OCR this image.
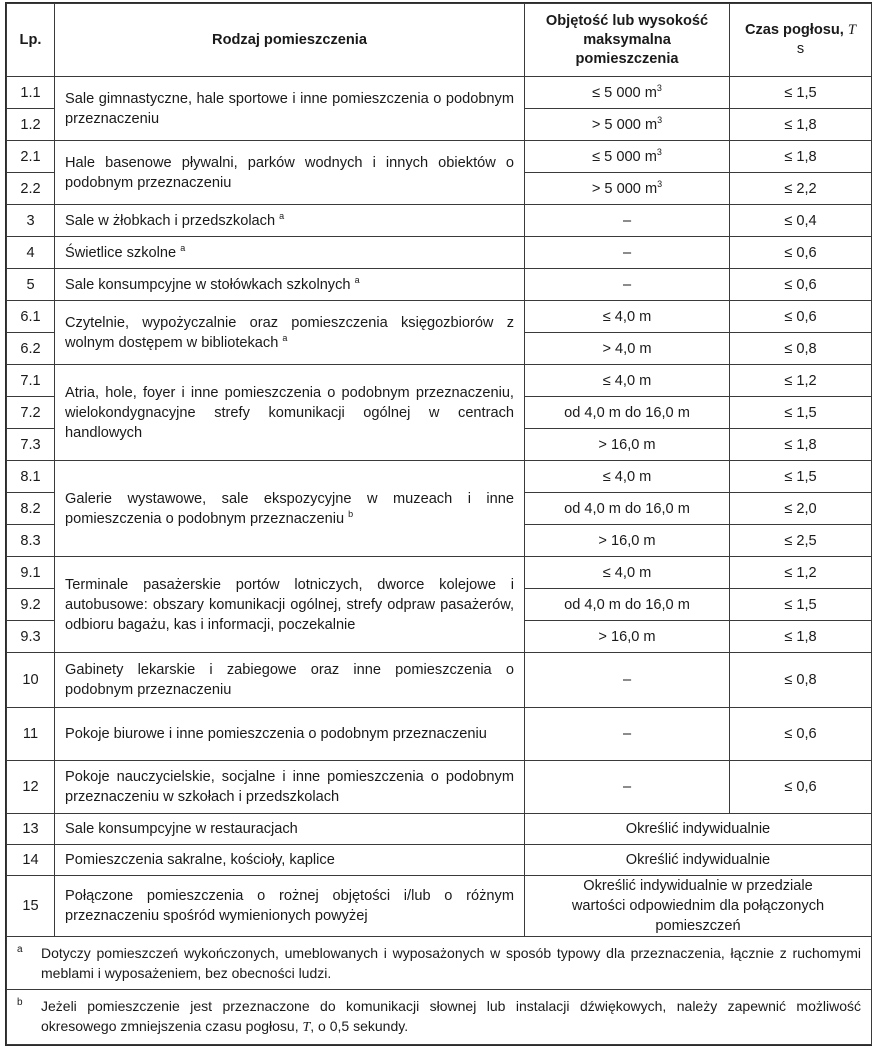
Lp.	Rodzaj pomieszczenia	Objętość lub wysokość maksymalna pomieszczenia	Czas pogłosu, T
s
1.1	Sale gimnastyczne, hale sportowe i inne pomieszczenia o podobnym przeznaczeniu	≤ 5 000 $m^3$	≤ 1,5
1.2		> 5 000 $m^3$	≤ 1,8
2.1	Hale basenowe pływalni, parków wodnych i innych obiektów o podobnym przeznaczeniu	≤ 5 000 $m^3$	≤ 1,8
2.2		> 5 000 $m^3$	≤ 2,2
3	Sale w żłobkach i przedszkolach $^a$	–	≤ 0,4
4	Świetlice szkolne $^a$	–	≤ 0,6
5	Sale konsumpcyjne w stołówkach szkolnych $^a$	–	≤ 0,6
6.1	Czytelnie, wypożyczalnie oraz pomieszczenia księgozbiorów z wolnym dostępem w bibliotekach $^a$	≤ 4,0 m	≤ 0,6
6.2		> 4,0 m	≤ 0,8
7.1	Atria, hole, foyer i inne pomieszczenia o podobnym przeznaczeniu, wielokondygnacyjne strefy komunikacji ogólnej w centrach handlowych	≤ 4,0 m	≤ 1,2
7.2		od 4,0 m do 16,0 m	≤ 1,5
7.3		> 16,0 m	≤ 1,8
8.1	Galerie wystawowe, sale ekspozycyjne w muzeach i inne pomieszczenia o podobnym przeznaczeniu $^b$	≤ 4,0 m	≤ 1,5
8.2		od 4,0 m do 16,0 m	≤ 2,0
8.3		> 16,0 m	≤ 2,5
9.1	Terminale pasażerskie portów lotniczych, dworce kolejowe i autobusowe: obszary komunikacji ogólnej, strefy odpraw pasażerów, odbioru bagażu, kas i informacji, poczekalnie	≤ 4,0 m	≤ 1,2
9.2		od 4,0 m do 16,0 m	≤ 1,5
9.3		> 16,0 m	≤ 1,8
10	Gabinety lekarskie i zabiegowe oraz inne pomieszczenia o podobnym przeznaczeniu	–	≤ 0,8
11	Pokoje biurowe i inne pomieszczenia o podobnym przeznaczeniu	–	≤ 0,6
12	Pokoje nauczycielskie, socjalne i inne pomieszczenia o podobnym przeznaczeniu w szkołach i przedszkolach	–	≤ 0,6
13	Sale konsumpcyjne w restauracjach	Określić indywidualnie	
14	Pomieszczenia sakralne, kościoły, kaplice	Określić indywidualnie	
15	Połączone pomieszczenia o rożnej objętości i/lub o różnym przeznaczeniu spośród wymienionych powyżej	Określić indywidualnie w przedziale wartości odpowiednim dla połączonych pomieszczeń	

a Dotyczy pomieszczeń wykończonych, umeblowanych i wyposażonych w sposób typowy dla przeznaczenia, łącznie z ruchomymi meblami i wyposażeniem, bez obecności ludzi.
b Jeżeli pomieszczenie jest przeznaczone do komunikacji słownej lub instalacji dźwiękowych, należy zapewnić możliwość okresowego zmniejszenia czasu pogłosu, T, o 0,5 sekundy.			
